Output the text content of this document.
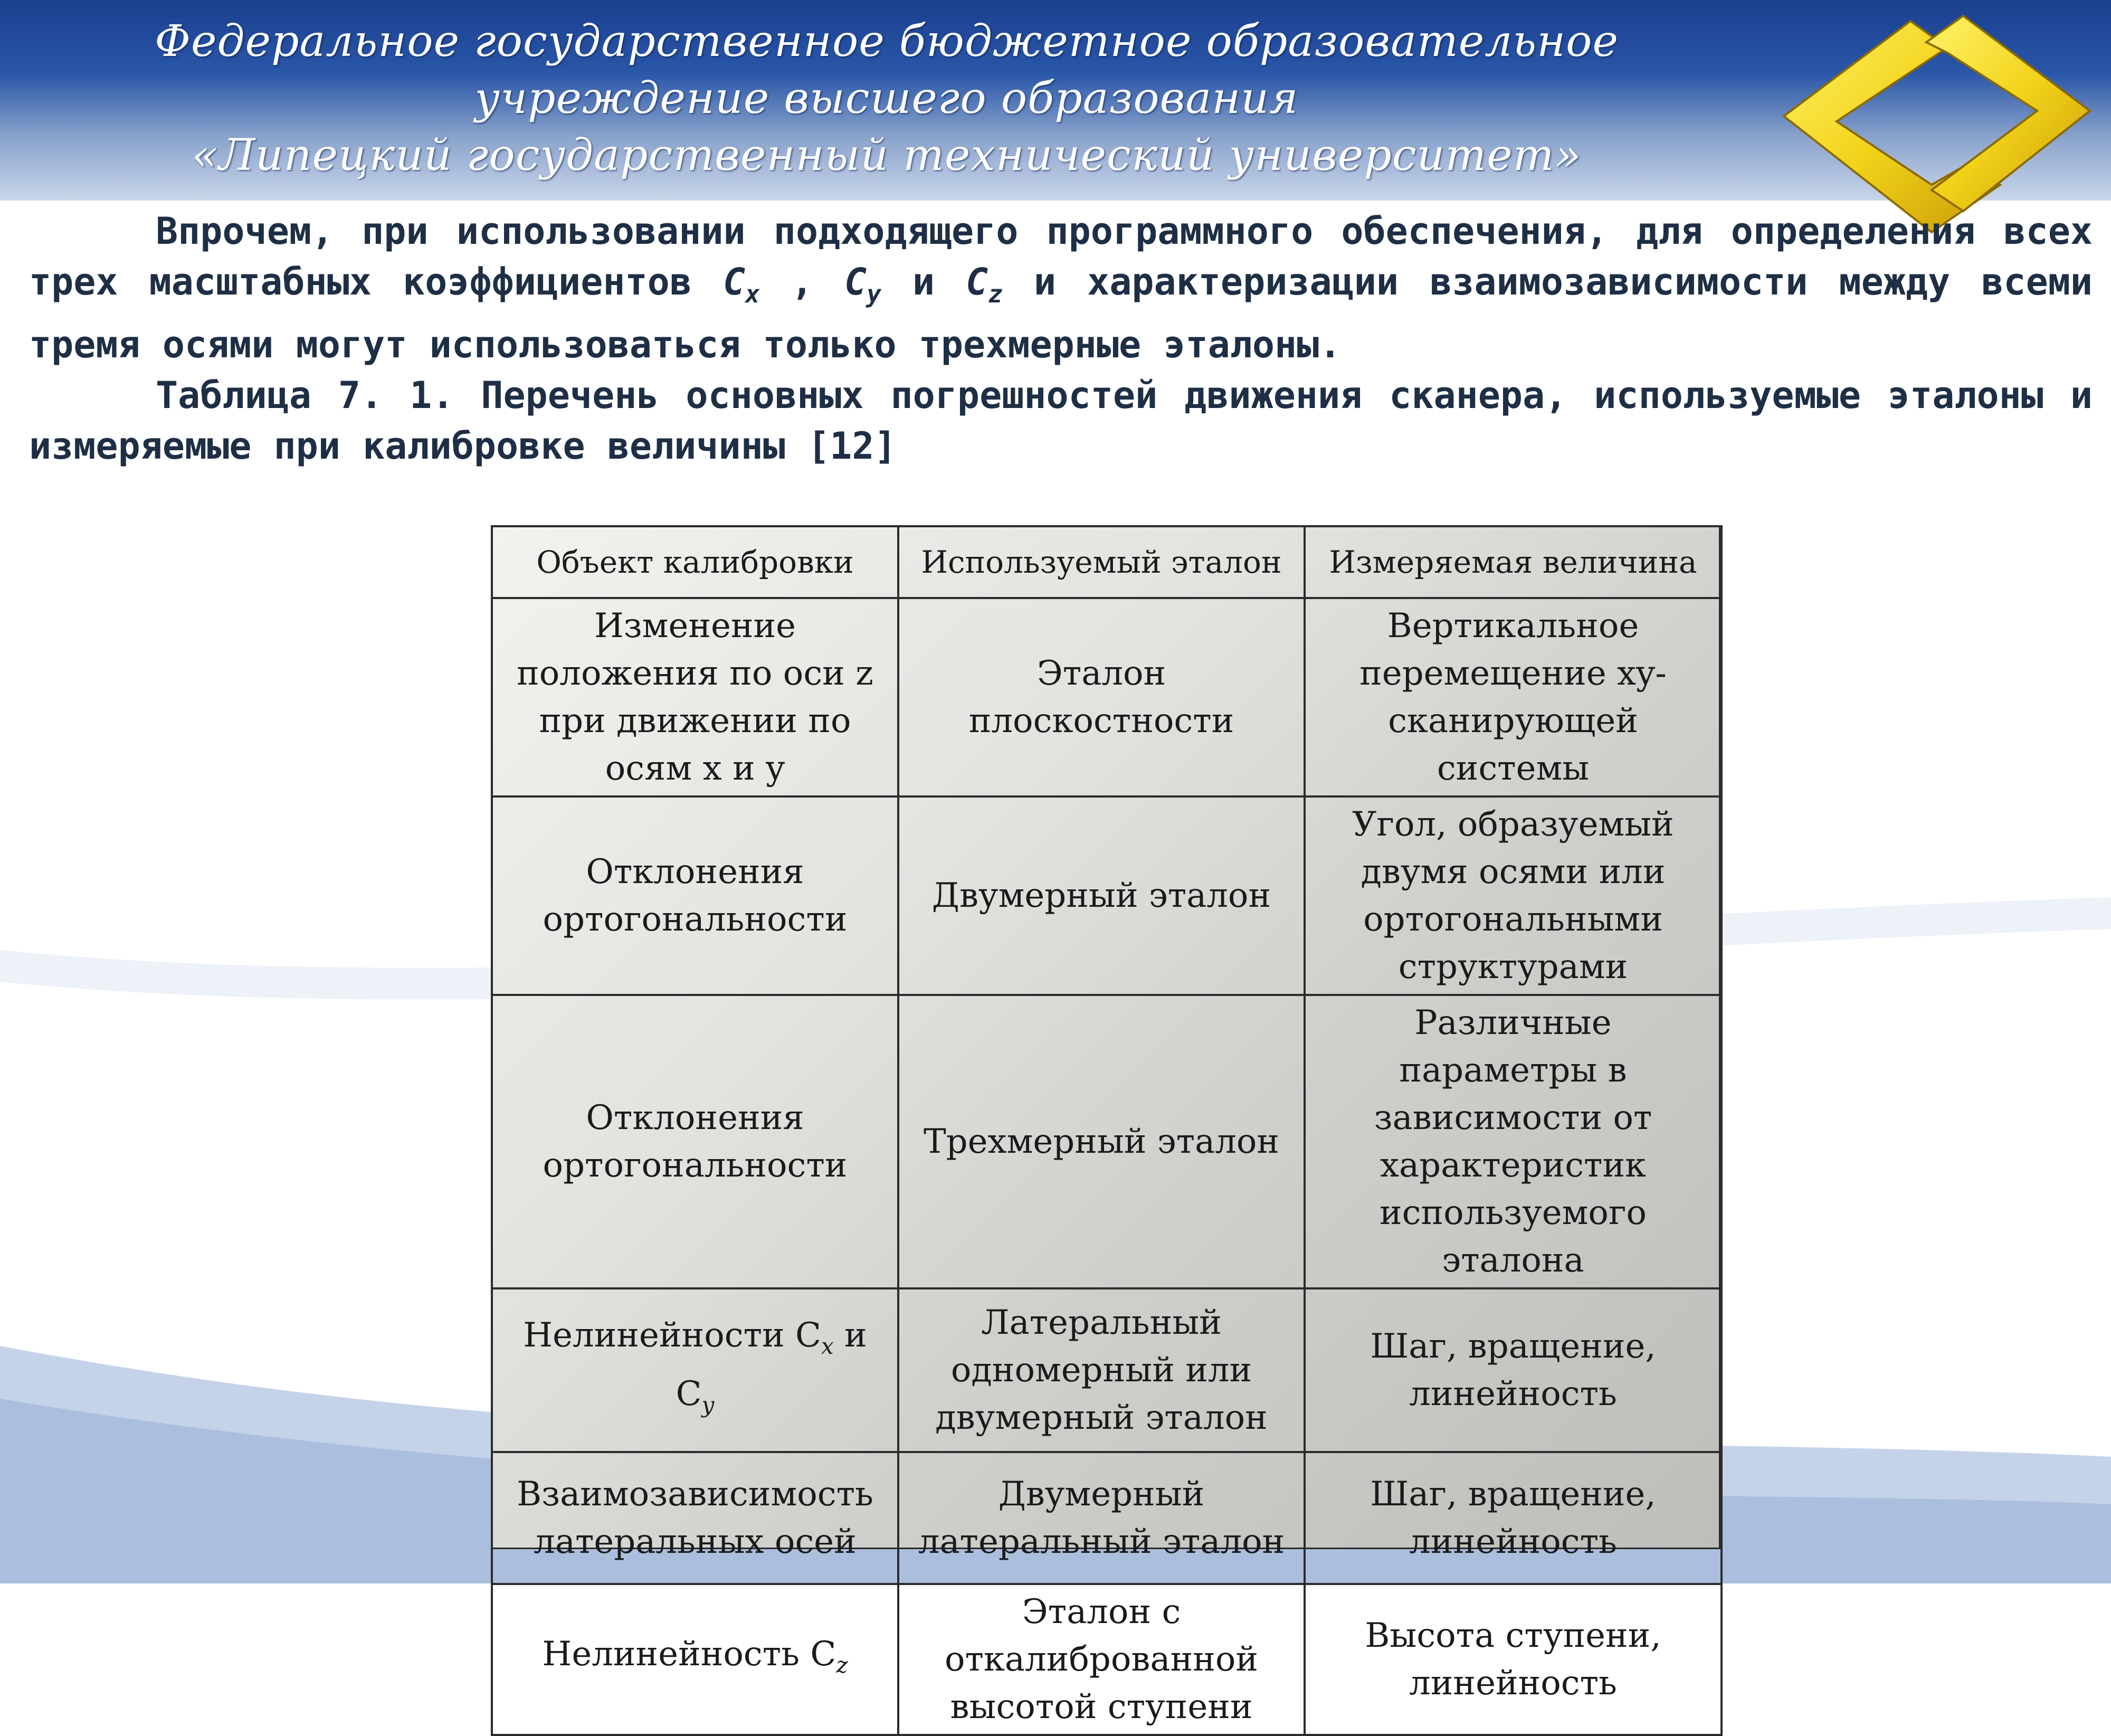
Федеральное государственное бюджетное образовательное
учреждение высшего образования
«Липецкий государственный технический университет»

Впрочем, при использовании подходящего программного обеспечения, для определения всех трех масштабных коэффициентов $C_x$ , $C_y$ и $C_z$ и характеризации взаимозависимости между всеми тремя осями могут использоваться только трехмерные эталоны.

Таблица 7. 1. Перечень основных погрешностей движения сканера, используемые эталоны и измеряемые при калибровке величины [12]

Объект калибровки	Используемый эталон	Измеряемая величина
Изменение положения по оси z при движении по осям x и y	Эталон плоскостности	Вертикальное перемещение xy-сканирующей системы
Отклонения ортогональности	Двумерный эталон	Угол, образуемый двумя осями или ортогональными структурами
Отклонения ортогональности	Трехмерный эталон	Различные параметры в зависимости от характеристик используемого эталона
Нелинейности $C_x$ и $C_y$	Латеральный одномерный или двумерный эталон	Шаг, вращение, линейность
Взаимозависимость латеральных осей	Двумерный латеральный эталон	Шаг, вращение, линейность
Нелинейность $C_z$	Эталон с откалиброванной высотой ступени	Высота ступени, линейность
